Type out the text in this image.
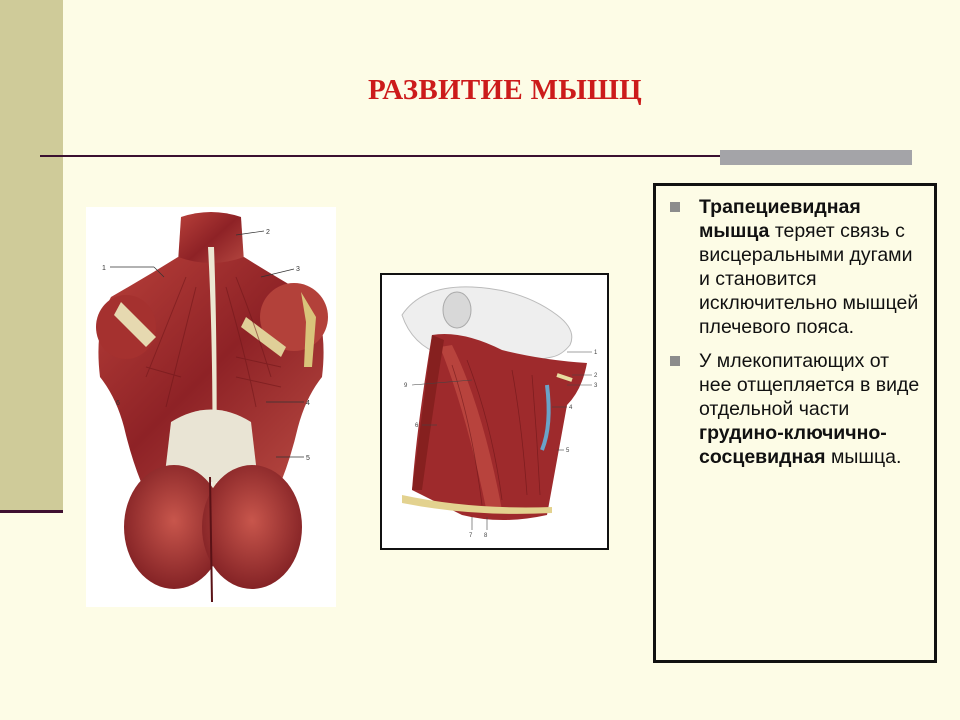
РАЗВИТИЕ МЫШЦ
1
2
3
4
5
6
1
2
3
4
5
6
7 8
9
Трапециевидная мышца теряет связь с висцеральными дугами и становится исключительно мышцей плечевого пояса.
У млекопитающих от нее отщепляется в виде отдельной части грудино-ключично-сосцевидная мышца.
